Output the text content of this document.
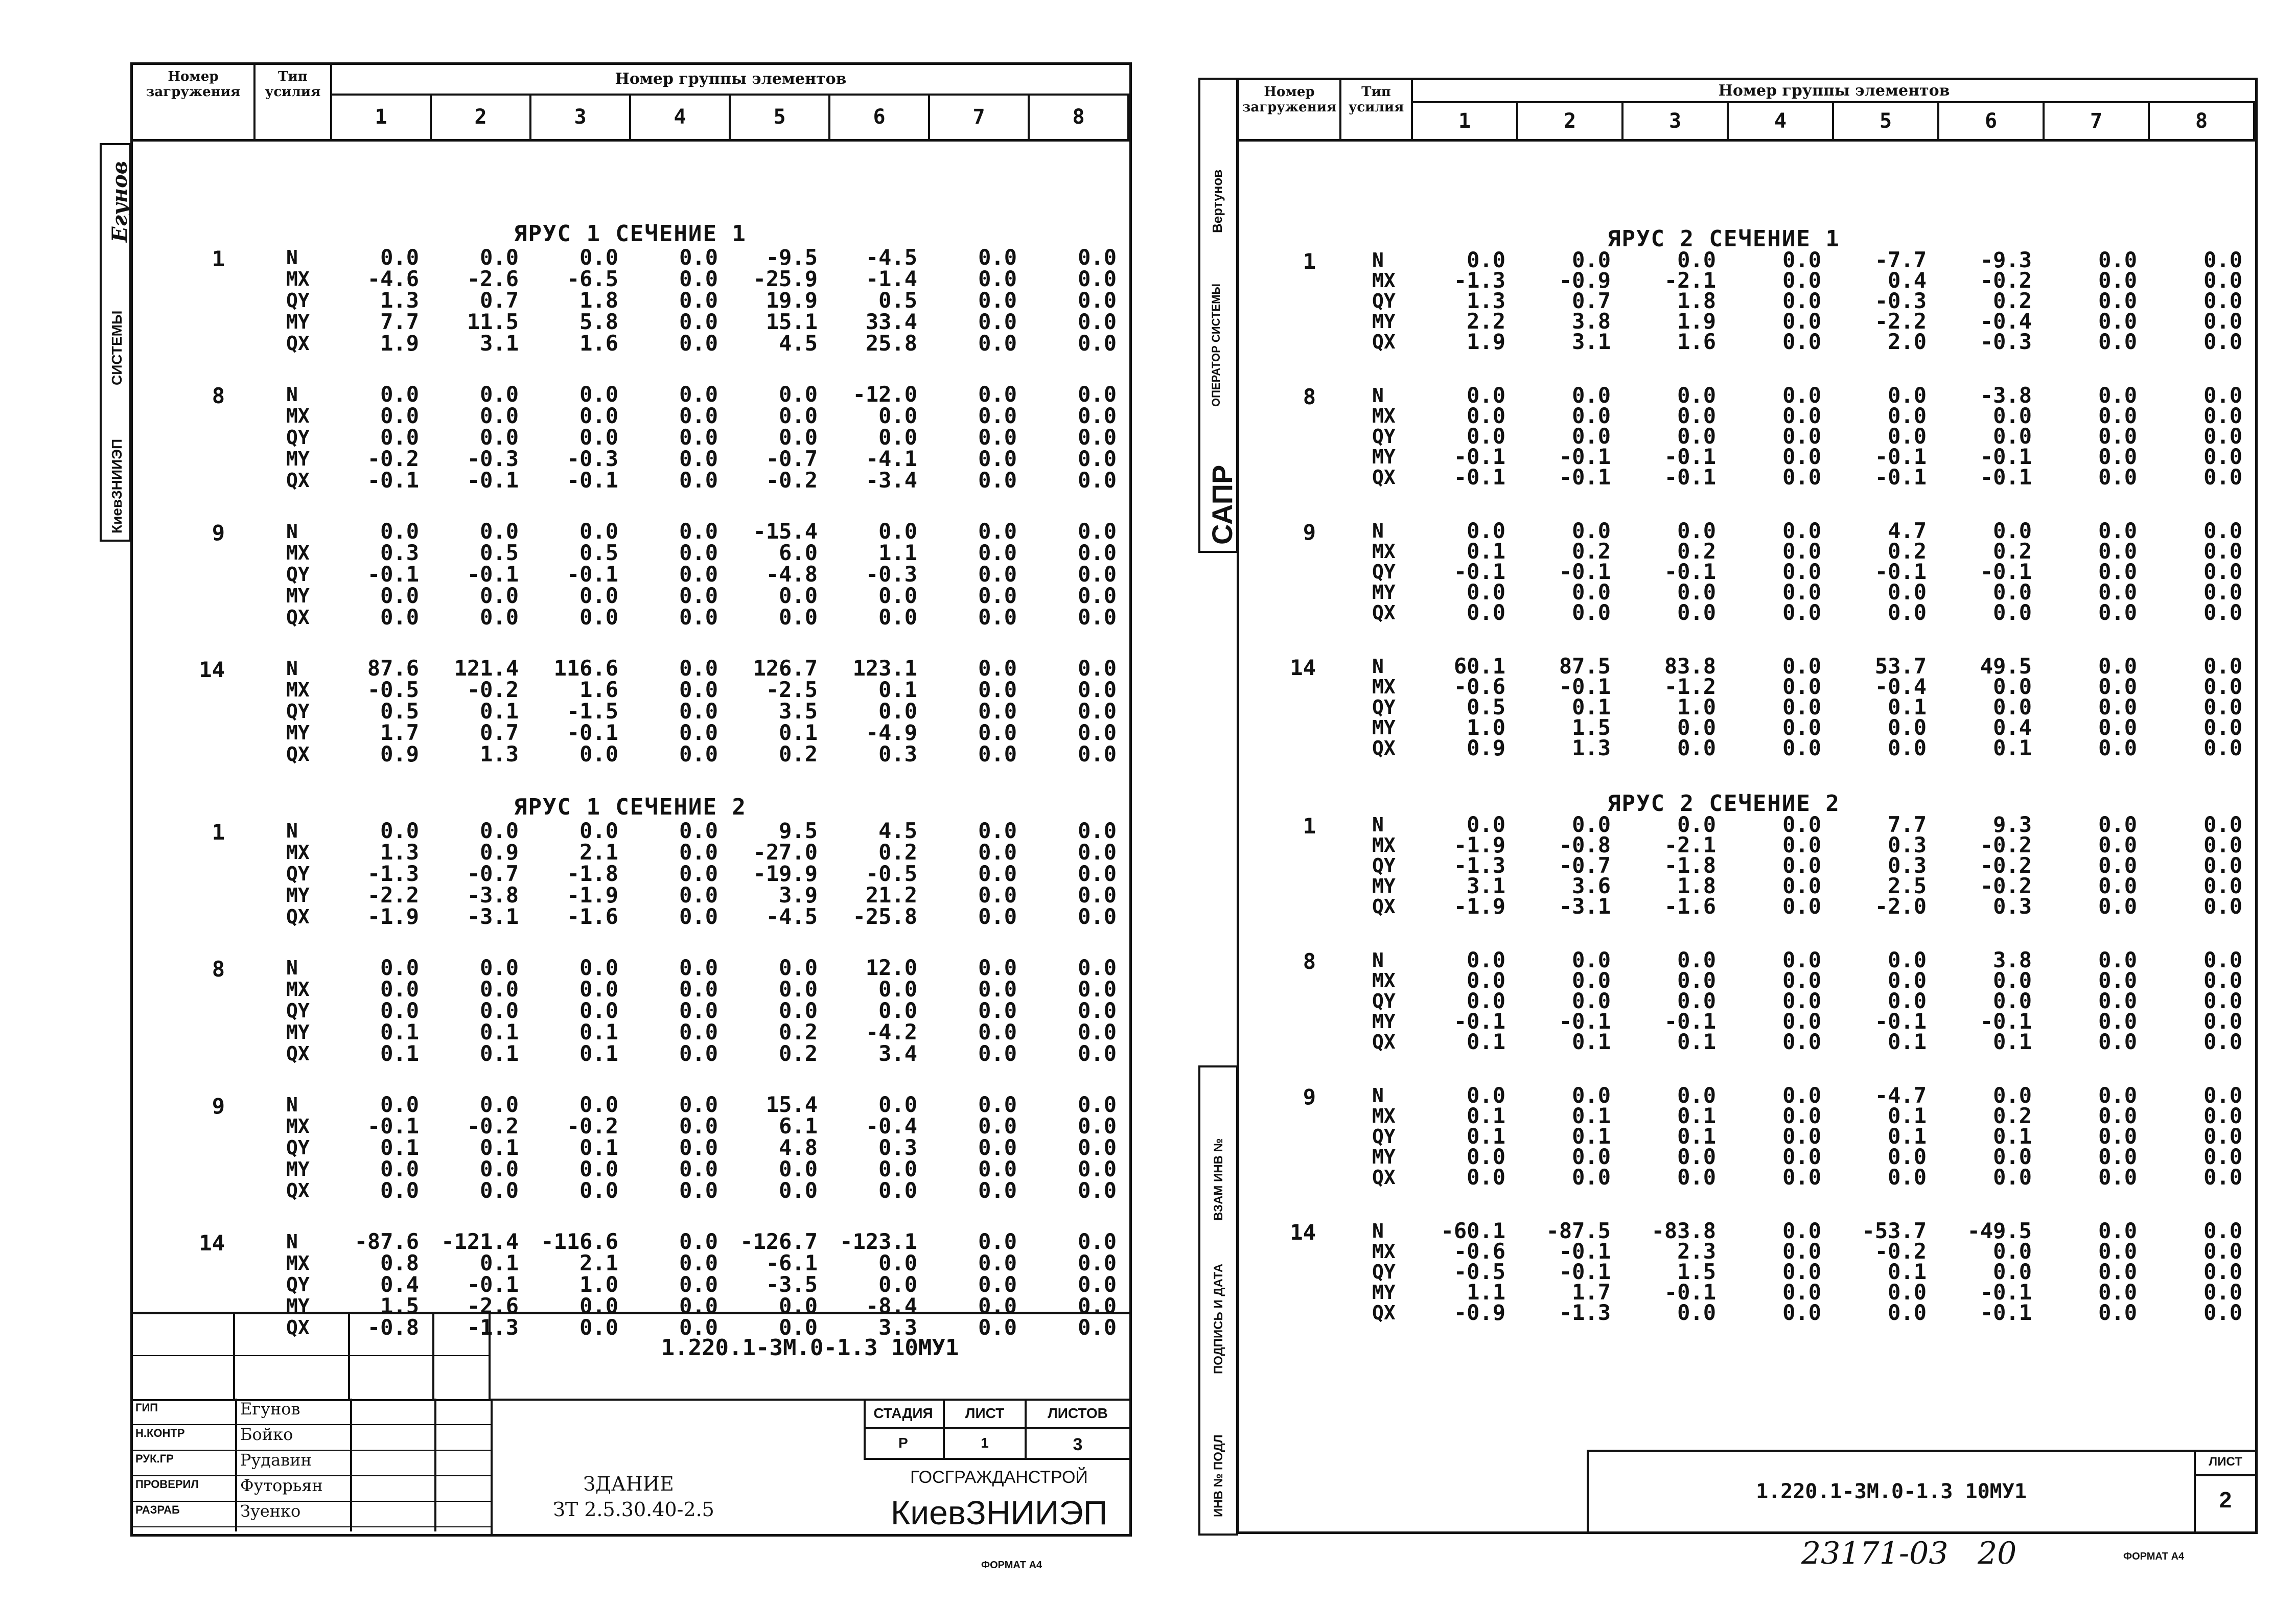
Номер загружения
Тип усилия
Номер группы элементов
1	2	3	4	5	6	7	8
ЯРУС 1 СЕЧЕНИЕ 1
1	N	0.0	0.0	0.0	0.0	-9.5	-4.5	0.0	0.0
MX	-4.6	-2.6	-6.5	0.0	-25.9	-1.4	0.0	0.0
QY	1.3	0.7	1.8	0.0	19.9	0.5	0.0	0.0
MY	7.7	11.5	5.8	0.0	15.1	33.4	0.0	0.0
QX	1.9	3.1	1.6	0.0	4.5	25.8	0.0	0.0
8	N	0.0	0.0	0.0	0.0	0.0	-12.0	0.0	0.0
MX	0.0	0.0	0.0	0.0	0.0	0.0	0.0	0.0
QY	0.0	0.0	0.0	0.0	0.0	0.0	0.0	0.0
MY	-0.2	-0.3	-0.3	0.0	-0.7	-4.1	0.0	0.0
QX	-0.1	-0.1	-0.1	0.0	-0.2	-3.4	0.0	0.0
9	N	0.0	0.0	0.0	0.0	-15.4	0.0	0.0	0.0
MX	0.3	0.5	0.5	0.0	6.0	1.1	0.0	0.0
QY	-0.1	-0.1	-0.1	0.0	-4.8	-0.3	0.0	0.0
MY	0.0	0.0	0.0	0.0	0.0	0.0	0.0	0.0
QX	0.0	0.0	0.0	0.0	0.0	0.0	0.0	0.0
14	N	87.6	121.4	116.6	0.0	126.7	123.1	0.0	0.0
MX	-0.5	-0.2	1.6	0.0	-2.5	0.1	0.0	0.0
QY	0.5	0.1	-1.5	0.0	3.5	0.0	0.0	0.0
MY	1.7	0.7	-0.1	0.0	0.1	-4.9	0.0	0.0
QX	0.9	1.3	0.0	0.0	0.2	0.3	0.0	0.0
ЯРУС 1 СЕЧЕНИЕ 2
1	N	0.0	0.0	0.0	0.0	9.5	4.5	0.0	0.0
MX	1.3	0.9	2.1	0.0	-27.0	0.2	0.0	0.0
QY	-1.3	-0.7	-1.8	0.0	-19.9	-0.5	0.0	0.0
MY	-2.2	-3.8	-1.9	0.0	3.9	21.2	0.0	0.0
QX	-1.9	-3.1	-1.6	0.0	-4.5	-25.8	0.0	0.0
8	N	0.0	0.0	0.0	0.0	0.0	12.0	0.0	0.0
MX	0.0	0.0	0.0	0.0	0.0	0.0	0.0	0.0
QY	0.0	0.0	0.0	0.0	0.0	0.0	0.0	0.0
MY	0.1	0.1	0.1	0.0	0.2	-4.2	0.0	0.0
QX	0.1	0.1	0.1	0.0	0.2	3.4	0.0	0.0
9	N	0.0	0.0	0.0	0.0	15.4	0.0	0.0	0.0
MX	-0.1	-0.2	-0.2	0.0	6.1	-0.4	0.0	0.0
QY	0.1	0.1	0.1	0.0	4.8	0.3	0.0	0.0
MY	0.0	0.0	0.0	0.0	0.0	0.0	0.0	0.0
QX	0.0	0.0	0.0	0.0	0.0	0.0	0.0	0.0
14	N	-87.6	-121.4	-116.6	0.0	-126.7	-123.1	0.0	0.0
MX	0.8	0.1	2.1	0.0	-6.1	0.0	0.0	0.0
QY	0.4	-0.1	1.0	0.0	-3.5	0.0	0.0	0.0
MY	1.5	-2.6	0.0	0.0	0.0	-8.4	0.0	0.0
QX	-0.8	-1.3	0.0	0.0	0.0	3.3	0.0	0.0
1.220.1-3М.0-1.3 10МУ1
ГИП	Егунов
Н.КОНТР	Бойко
РУК.ГР	Рудавин
ПРОВЕРИЛ	Футорьян
РАЗРАБ	Зуенко
ЗДАНИЕ
ЗТ 2.5.30.40-2.5
СТАДИЯ	ЛИСТ	ЛИСТОВ
Р	1	3
ГОСГРАЖДАНСТРОЙ
КиевЗНИИЭП
ФОРМАТ А4
Егунов
СИСТЕМЫ
КиевЗНИИЭП
Номер загружения
Тип усилия
Номер группы элементов
1	2	3	4	5	6	7	8
ЯРУС 2 СЕЧЕНИЕ 1
1	N	0.0	0.0	0.0	0.0	-7.7	-9.3	0.0	0.0
MX	-1.3	-0.9	-2.1	0.0	0.4	-0.2	0.0	0.0
QY	1.3	0.7	1.8	0.0	-0.3	0.2	0.0	0.0
MY	2.2	3.8	1.9	0.0	-2.2	-0.4	0.0	0.0
QX	1.9	3.1	1.6	0.0	2.0	-0.3	0.0	0.0
8	N	0.0	0.0	0.0	0.0	0.0	-3.8	0.0	0.0
MX	0.0	0.0	0.0	0.0	0.0	0.0	0.0	0.0
QY	0.0	0.0	0.0	0.0	0.0	0.0	0.0	0.0
MY	-0.1	-0.1	-0.1	0.0	-0.1	-0.1	0.0	0.0
QX	-0.1	-0.1	-0.1	0.0	-0.1	-0.1	0.0	0.0
9	N	0.0	0.0	0.0	0.0	4.7	0.0	0.0	0.0
MX	0.1	0.2	0.2	0.0	0.2	0.2	0.0	0.0
QY	-0.1	-0.1	-0.1	0.0	-0.1	-0.1	0.0	0.0
MY	0.0	0.0	0.0	0.0	0.0	0.0	0.0	0.0
QX	0.0	0.0	0.0	0.0	0.0	0.0	0.0	0.0
14	N	60.1	87.5	83.8	0.0	53.7	49.5	0.0	0.0
MX	-0.6	-0.1	-1.2	0.0	-0.4	0.0	0.0	0.0
QY	0.5	0.1	1.0	0.0	0.1	0.0	0.0	0.0
MY	1.0	1.5	0.0	0.0	0.0	0.4	0.0	0.0
QX	0.9	1.3	0.0	0.0	0.0	0.1	0.0	0.0
ЯРУС 2 СЕЧЕНИЕ 2
1	N	0.0	0.0	0.0	0.0	7.7	9.3	0.0	0.0
MX	-1.9	-0.8	-2.1	0.0	0.3	-0.2	0.0	0.0
QY	-1.3	-0.7	-1.8	0.0	0.3	-0.2	0.0	0.0
MY	3.1	3.6	1.8	0.0	2.5	-0.2	0.0	0.0
QX	-1.9	-3.1	-1.6	0.0	-2.0	0.3	0.0	0.0
8	N	0.0	0.0	0.0	0.0	0.0	3.8	0.0	0.0
MX	0.0	0.0	0.0	0.0	0.0	0.0	0.0	0.0
QY	0.0	0.0	0.0	0.0	0.0	0.0	0.0	0.0
MY	-0.1	-0.1	-0.1	0.0	-0.1	-0.1	0.0	0.0
QX	0.1	0.1	0.1	0.0	0.1	0.1	0.0	0.0
9	N	0.0	0.0	0.0	0.0	-4.7	0.0	0.0	0.0
MX	0.1	0.1	0.1	0.0	0.1	0.2	0.0	0.0
QY	0.1	0.1	0.1	0.0	0.1	0.1	0.0	0.0
MY	0.0	0.0	0.0	0.0	0.0	0.0	0.0	0.0
QX	0.0	0.0	0.0	0.0	0.0	0.0	0.0	0.0
14	N	-60.1	-87.5	-83.8	0.0	-53.7	-49.5	0.0	0.0
MX	-0.6	-0.1	2.3	0.0	-0.2	0.0	0.0	0.0
QY	-0.5	-0.1	1.5	0.0	0.1	0.0	0.0	0.0
MY	1.1	1.7	-0.1	0.0	0.0	-0.1	0.0	0.0
QX	-0.9	-1.3	0.0	0.0	0.0	-0.1	0.0	0.0
1.220.1-3М.0-1.3 10МУ1
ЛИСТ
2
Вертунов
ОПЕРАТОР СИСТЕМЫ
САПР
ИНВ № ПОДЛ
ПОДПИСЬ И ДАТА
ВЗАМ ИНВ №
23171-03 20	ФОРМАТ А4
